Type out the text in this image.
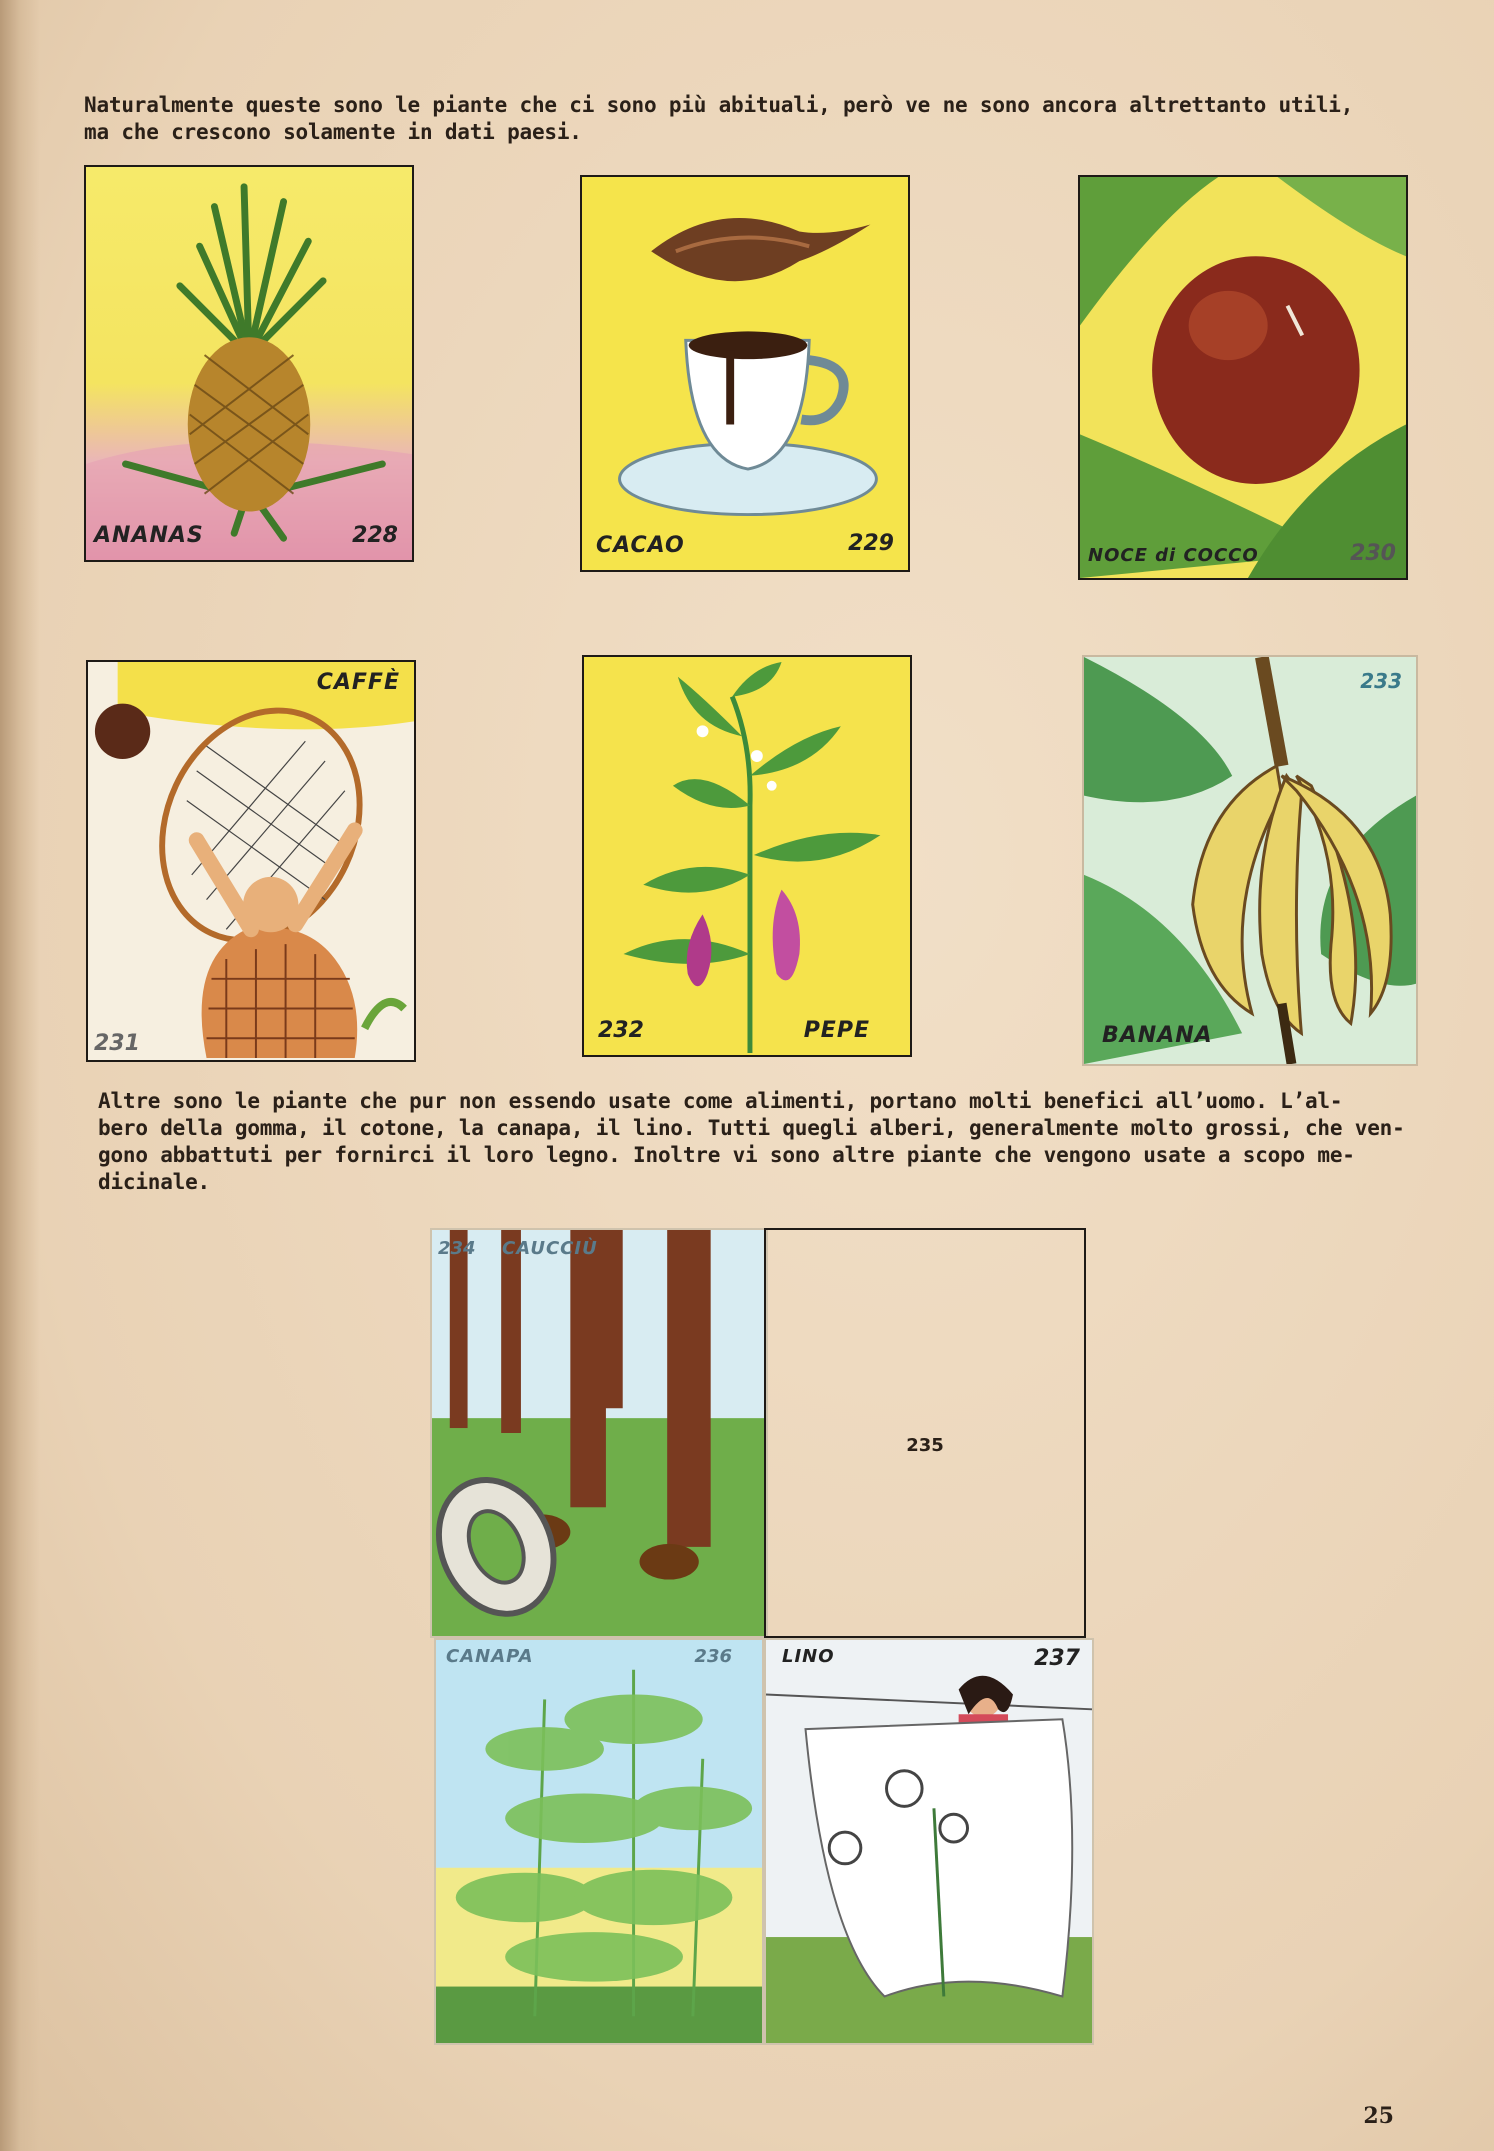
Naturalmente queste sono le piante che ci sono più abituali, però ve ne sono ancora altrettanto utili,
ma che crescono solamente in dati paesi.

ANANAS	228	CACAO	229	NOCE di COCCO	230
CAFFÈ
231
232	PEPE
233
BANANA

Altre sono le piante che pur non essendo usate come alimenti, portano molti benefici all’uomo. L’al-
bero della gomma, il cotone, la canapa, il lino. Tutti quegli alberi, generalmente molto grossi, che ven-
gono abbattuti per fornirci il loro legno. Inoltre vi sono altre piante che vengono usate a scopo me-
dicinale.

234 CAUCCIÙ
235
CANAPA	236	LINO	237
25
